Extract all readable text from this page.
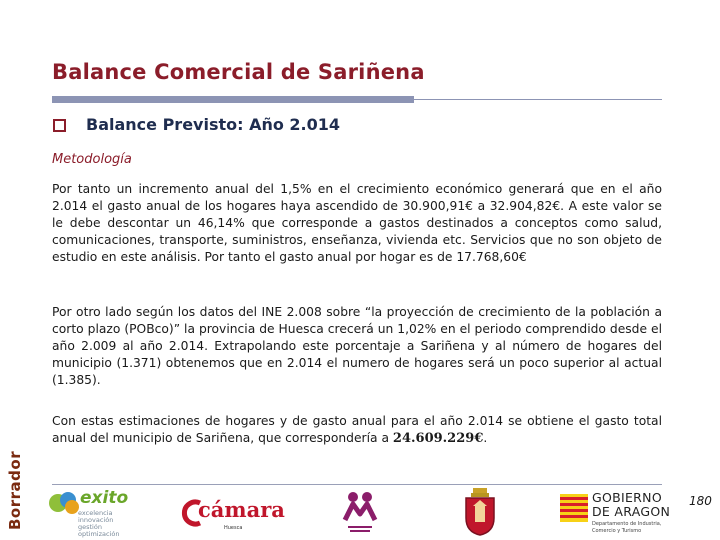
Balance Comercial de Sariñena
Balance Previsto: Año 2.014
Metodología
Por tanto un incremento anual del 1,5% en el crecimiento económico generará que en el año 2.014 el gasto anual de los hogares haya ascendido de 30.900,91€ a 32.904,82€. A este valor se le debe descontar un 46,14% que corresponde a gastos destinados a conceptos como salud, comunicaciones, transporte, suministros, enseñanza, vivienda etc. Servicios que no son objeto de estudio en este análisis. Por tanto el gasto anual por hogar es de 17.768,60€
Por otro lado según los datos del INE 2.008 sobre “la proyección de crecimiento de la población a corto plazo (POBco)” la provincia de Huesca crecerá un 1,02% en el periodo comprendido desde el año 2.009 al año 2.014. Extrapolando este porcentaje a Sariñena y al número de hogares del municipio (1.371) obtenemos que en 2.014 el numero de hogares será un poco superior al actual (1.385).
Con estas estimaciones de hogares y de gasto anual para el año 2.014 se obtiene el gasto total anual del municipio de Sariñena, que correspondería a 24.609.229€.
180
Borrador	exito
excelencia
innovación
gestión
optimización
cámara
Huesca
GOBIERNO
DE ARAGON
Departamento de Industria,
Comercio y Turismo
